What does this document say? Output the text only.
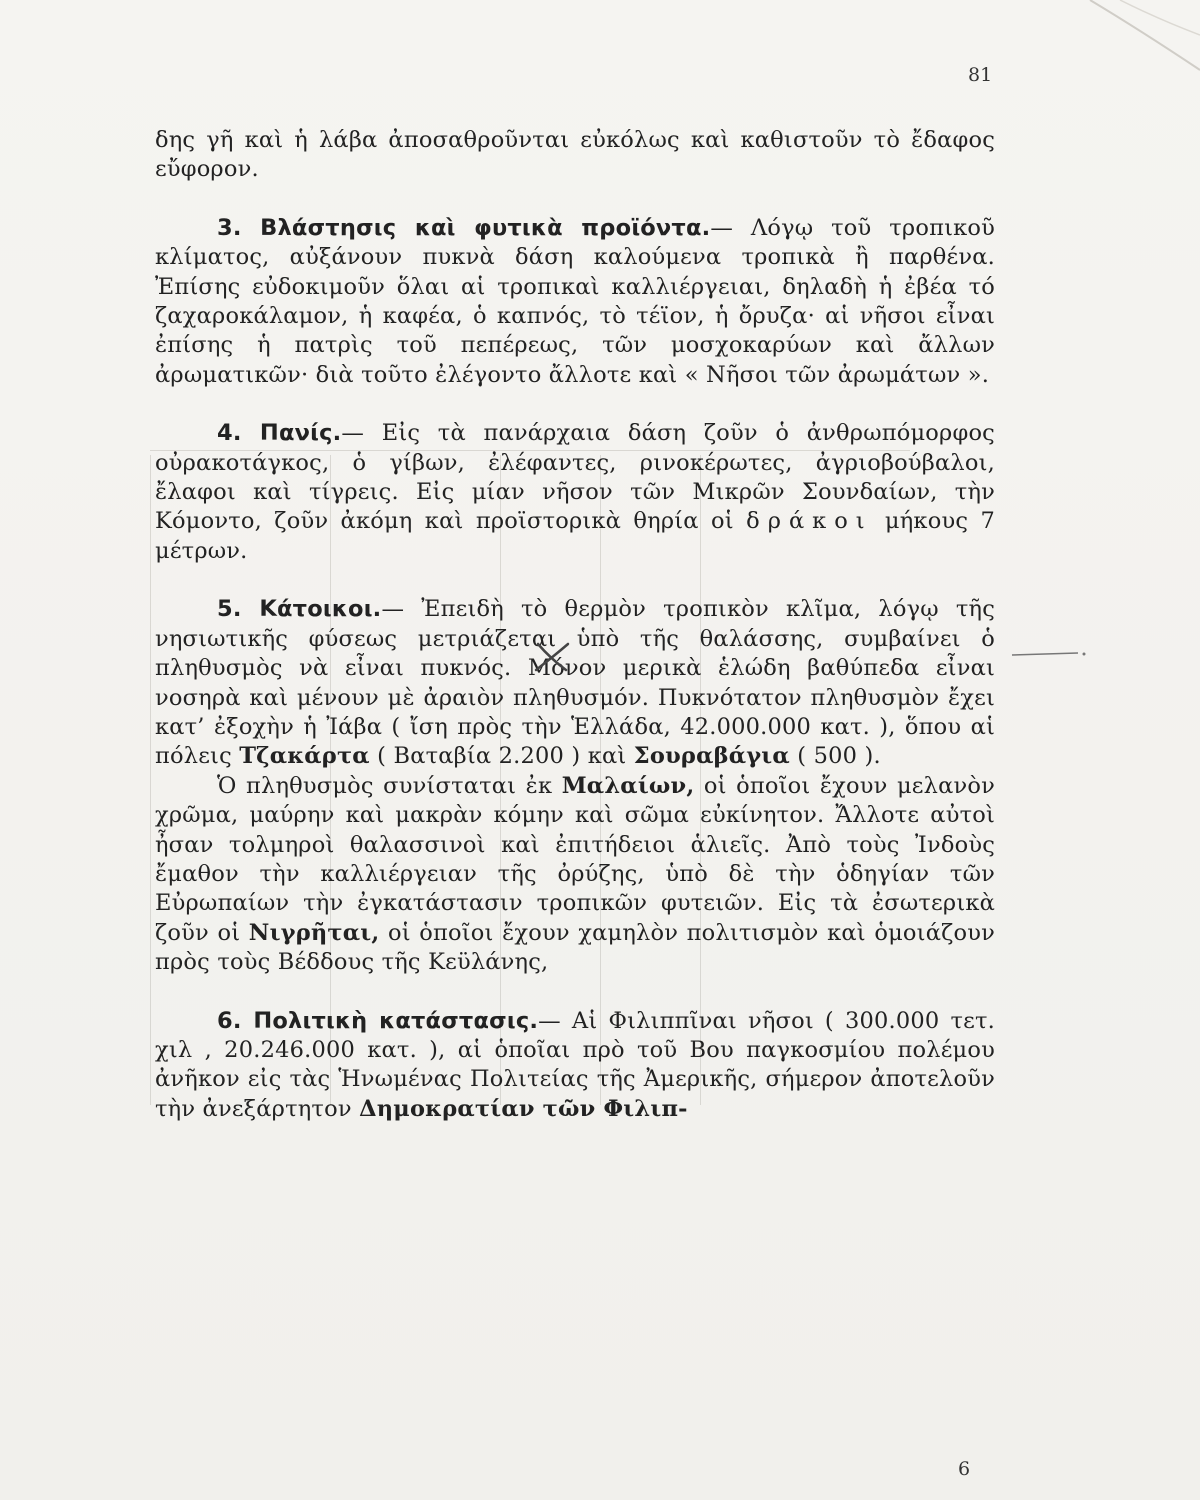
81

δης γῆ καὶ ἡ λάβα ἀποσαθροῦνται εὐκόλως καὶ καθιστοῦν τὸ ἔδαφος εὔφορον.

3. Βλάστησις καὶ φυτικὰ προϊόντα.— Λόγῳ τοῦ τροπικοῦ κλίματος, αὐξάνουν πυκνὰ δάση καλούμενα τροπικὰ ἢ παρθένα. Ἐπίσης εὐδοκιμοῦν ὅλαι αἱ τροπικαὶ καλλιέργειαι, δηλαδὴ ἡ ἐβέα τό ζαχαροκάλαμον, ἡ καφέα, ὁ καπνός, τὸ τέϊον, ἡ ὄρυζα· αἱ νῆσοι εἶναι ἐπίσης ἡ πατρὶς τοῦ πεπέρεως, τῶν μοσχοκαρύων καὶ ἄλλων ἀρωματικῶν· διὰ τοῦτο ἐλέγοντο ἄλλοτε καὶ « Νῆσοι τῶν ἀρωμάτων ».

4. Πανίς.— Εἰς τὰ πανάρχαια δάση ζοῦν ὁ ἀνθρωπόμορφος οὐρακοτάγκος, ὁ γίβων, ἐλέφαντες, ρινοκέρωτες, ἀγριοβούβαλοι, ἔλαφοι καὶ τίγρεις. Εἰς μίαν νῆσον τῶν Μικρῶν Σουνδαίων, τὴν Κόμοντο, ζοῦν ἀκόμη καὶ προϊστορικὰ θηρία οἱ δράκοι μήκους 7 μέτρων.

5. Κάτοικοι.— Ἐπειδὴ τὸ θερμὸν τροπικὸν κλῖμα, λόγῳ τῆς νησιωτικῆς φύσεως μετριάζεται ὑπὸ τῆς θαλάσσης, συμβαίνει ὁ πληθυσμὸς νὰ εἶναι πυκνός. Μόνον μερικὰ ἑλώδη βαθύπεδα εἶναι νοσηρὰ καὶ μένουν μὲ ἀραιὸν πληθυσμόν. Πυκνότατον πληθυσμὸν ἔχει κατ’ ἐξοχὴν ἡ Ἰάβα ( ἴση πρὸς τὴν Ἑλλάδα, 42.000.000 κατ. ), ὅπου αἱ πόλεις Τζακάρτα ( Βαταβία 2.200 ) καὶ Σουραβάγια ( 500 ).

Ὁ πληθυσμὸς συνίσταται ἐκ Μαλαίων, οἱ ὁποῖοι ἔχουν μελανὸν χρῶμα, μαύρην καὶ μακρὰν κόμην καὶ σῶμα εὐκίνητον. Ἄλλοτε αὐτοὶ ἦσαν τολμηροὶ θαλασσινοὶ καὶ ἐπιτήδειοι ἁλιεῖς. Ἀπὸ τοὺς Ἰνδοὺς ἔμαθον τὴν καλλιέργειαν τῆς ὀρύζης, ὑπὸ δὲ τὴν ὁδηγίαν τῶν Εὐρωπαίων τὴν ἐγκατάστασιν τροπικῶν φυτειῶν. Εἰς τὰ ἐσωτερικὰ ζοῦν οἱ Νιγρῆται, οἱ ὁποῖοι ἔχουν χαμηλὸν πολιτισμὸν καὶ ὁμοιάζουν πρὸς τοὺς Βέδδους τῆς Κεϋλάνης,

6. Πολιτικὴ κατάστασις.— Αἱ Φιλιππῖναι νῆσοι ( 300.000 τετ. χιλ , 20.246.000 κατ. ), αἱ ὁποῖαι πρὸ τοῦ Βου παγκοσμίου πολέμου ἀνῆκον εἰς τὰς Ἡνωμένας Πολιτείας τῆς Ἀμερικῆς, σήμερον ἀποτελοῦν τὴν ἀνεξάρτητον Δημοκρατίαν τῶν Φιλιπ-

6
